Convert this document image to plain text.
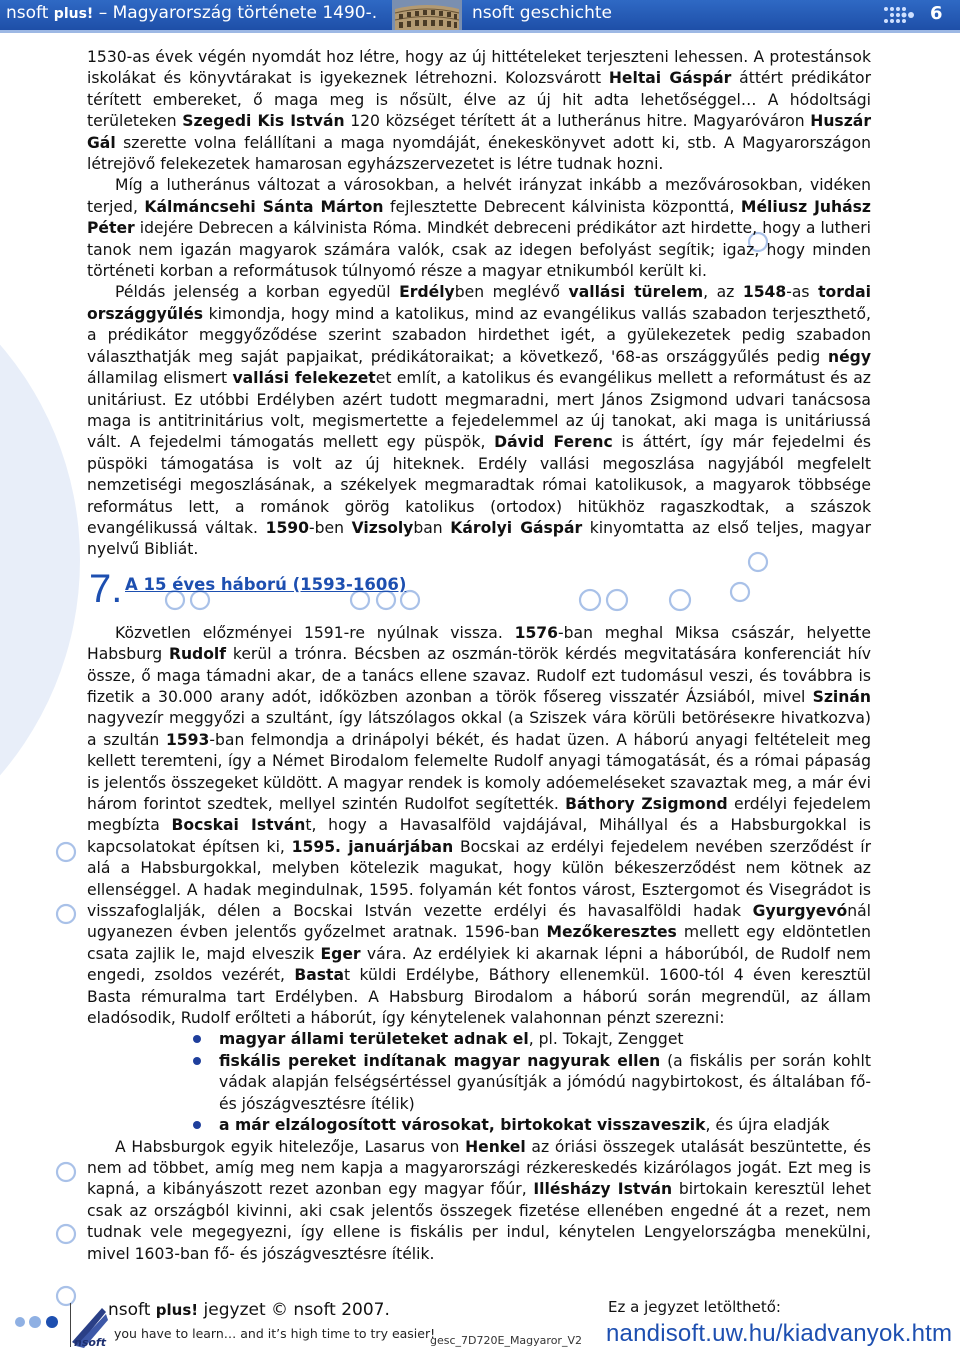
nsoft plus! – Magyarország története 1490-.	nsoft geschichte	6

1530-as évek végén nyomdát hoz létre, hogy az új hittételeket terjeszteni lehessen. A protestánsok iskolákat és könyvtárakat is igyekeznek létrehozni. Kolozsvárott Heltai Gáspár áttért prédikátor térített embereket, ő maga meg is nősült, élve az új hit adta lehetőséggel… A hódoltsági területeken Szegedi Kis István 120 községet térített át a lutheránus hitre. Magyaróváron Huszár Gál szerette volna felállítani a maga nyomdáját, énekeskönyvet adott ki, stb. A Magyarországon létrejövő felekezetek hamarosan egyházszervezetet is létre tudnak hozni.

Míg a lutheránus változat a városokban, a helvét irányzat inkább a mezővárosokban, vidéken terjed, Kálmáncsehi Sánta Márton fejlesztette Debrecent kálvinista központtá, Méliusz Juhász Péter idejére Debrecen a kálvinista Róma. Mindkét debreceni prédikátor azt hirdette, hogy a lutheri tanok nem igazán magyarok számára valók, csak az idegen befolyást segítik; igaz, hogy minden történeti korban a reformátusok túlnyomó része a magyar etnikumból került ki.

Példás jelenség a korban egyedül Erdélyben meglévő vallási türelem, az 1548-as tordai országgyűlés kimondja, hogy mind a katolikus, mind az evangélikus vallás szabadon terjeszthető, a prédikátor meggyőződése szerint szabadon hirdethet igét, a gyülekezetek pedig szabadon választhatják meg saját papjaikat, prédikátoraikat; a következő, '68-as országgyűlés pedig négy államilag elismert vallási felekezetet említ, a katolikus és evangélikus mellett a reformátust és az unitáriust. Ez utóbbi Erdélyben azért tudott megmaradni, mert János Zsigmond udvari tanácsosa maga is antitrinitárius volt, megismertette a fejedelemmel az új tanokat, aki maga is unitáriussá vált. A fejedelmi támogatás mellett egy püspök, Dávid Ferenc is áttért, így már fejedelmi és püspöki támogatása is volt az új hiteknek. Erdély vallási megoszlása nagyjából megfelelt nemzetiségi megoszlásának, a székelyek megmaradtak római katolikusok, a magyarok többsége református lett, a románok görög katolikus (ortodox) hitükhöz ragaszkodtak, a szászok evangélikussá váltak. 1590-ben Vizsolyban Károlyi Gáspár kinyomtatta az első teljes, magyar nyelvű Bibliát.

7. A 15 éves háború (1593-1606)

Közvetlen előzményei 1591-re nyúlnak vissza. 1576-ban meghal Miksa császár, helyette Habsburg Rudolf kerül a trónra. Bécsben az oszmán-török kérdés megvitatására konferenciát hív össze, ő maga támadni akar, de a tanács ellene szavaz. Rudolf ezt tudomásul veszi, és továbbra is fizetik a 30.000 arany adót, időközben azonban a török fősereg visszatér Ázsiából, mivel Szinán nagyvezír meggyőzi a szultánt, így látszólagos okkal (a Sziszek vára körüli betöréseкre hivatkozva) a szultán 1593-ban felmondja a drinápolyi békét, és hadat üzen. A háború anyagi feltételeit meg kellett teremteni, így a Német Birodalom felemelte Rudolf anyagi támogatását, és a római pápaság is jelentős összegeket küldött. A magyar rendek is komoly adóemeléseket szavaztak meg, a már évi három forintot szedtek, mellyel szintén Rudolfot segítették. Báthory Zsigmond erdélyi fejedelem megbízta Bocskai Istvánt, hogy a Havasalföld vajdájával, Mihállyal és a Habsburgokkal is kapcsolatokat építsen ki, 1595. januárjában Bocskai az erdélyi fejedelem nevében szerződést ír alá a Habsburgokkal, melyben kötelezik magukat, hogy külön békeszerződést nem kötnek az ellenséggel. A hadak megindulnak, 1595. folyamán két fontos várost, Esztergomot és Visegrádot is visszafoglalják, délen a Bocskai István vezette erdélyi és havasalföldi hadak Gyurgyevónál ugyanezen évben jelentős győzelmet aratnak. 1596-ban Mezőkeresztes mellett egy eldöntetlen csata zajlik le, majd elveszik Eger vára. Az erdélyiek ki akarnak lépni a háborúból, de Rudolf nem engedi, zsoldos vezérét, Bastat küldi Erdélybe, Báthory ellenemkül. 1600-tól 4 éven keresztül Basta rémuralma tart Erdélyben. A Habsburg Birodalom a háború során megrendül, az állam eladósodik, Rudolf erőlteti a háborút, így kénytelenek valahonnan pénzt szerezni:

magyar állami területeket adnak el, pl. Tokajt, Zengget
fiskális pereket indítanak magyar nagyurak ellen (a fiskális per során kohlt vádak alapján felségsértéssel gyanúsítják a jómódú nagybirtokost, és általában fő- és jószágvesztésre ítélik)
a már elzálogosított városokat, birtokokat visszaveszik, és újra eladják

A Habsburgok egyik hitelezője, Lasarus von Henkel az óriási összegek utalását beszüntette, és nem ad többet, amíg meg nem kapja a magyarországi rézkereskedés kizárólagos jogát. Ezt meg is kapná, a kibányászott rezet azonban egy magyar főúr, Illésházy István birtokain keresztül lehet csak az országból kivinni, aki csak jelentős összegek fizetése ellenében engedné át a rezet, nem tudnak vele megegyezni, így ellene is fiskális per indul, kénytelen Lengyelországba menekülni, mivel 1603-ban fő- és jószágvesztésre ítélik.

nsoft
nsoft plus! jegyzet © nsoft 2007.
you have to learn… and it’s high time to try easier!
gesc_7D720E_Magyaror_V2
Ez a jegyzet letölthető:
nandisoft.uw.hu/kiadvanyok.htm
